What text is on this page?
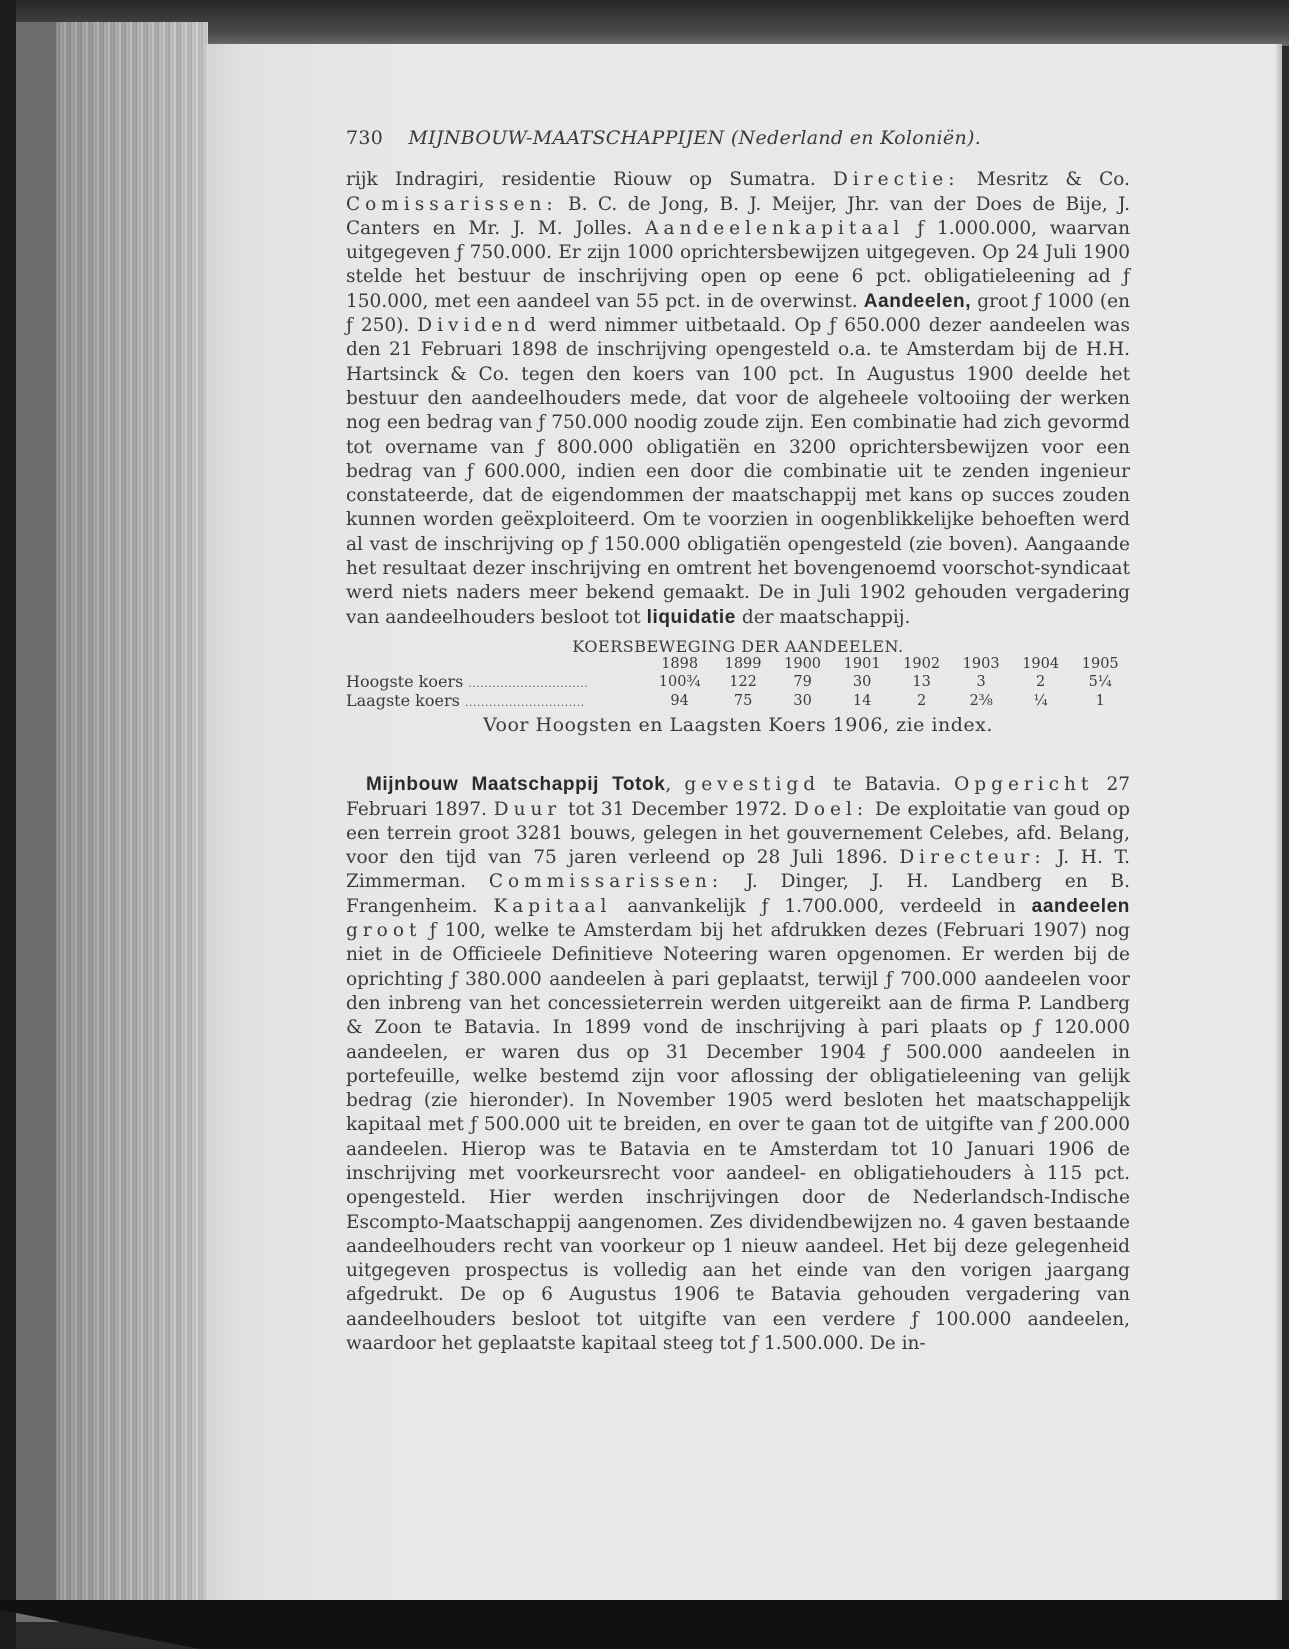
730 MIJNBOUW-MAATSCHAPPIJEN (Nederland en Koloniën).

rijk Indragiri, residentie Riouw op Sumatra. Directie: Mesritz & Co. Comissarissen: B. C. de Jong, B. J. Meijer, Jhr. van der Does de Bije, J. Canters en Mr. J. M. Jolles. Aandeelenkapitaal ƒ 1.000.000, waarvan uitgegeven ƒ 750.000. Er zijn 1000 oprichtersbewijzen uitgegeven. Op 24 Juli 1900 stelde het bestuur de inschrijving open op eene 6 pct. obligatieleening ad ƒ 150.000, met een aandeel van 55 pct. in de overwinst. Aandeelen, groot ƒ 1000 (en ƒ 250). Dividend werd nimmer uitbetaald. Op ƒ 650.000 dezer aandeelen was den 21 Februari 1898 de inschrijving opengesteld o.a. te Amsterdam bij de H.H. Hartsinck & Co. tegen den koers van 100 pct. In Augustus 1900 deelde het bestuur den aandeelhouders mede, dat voor de algeheele voltooiing der werken nog een bedrag van ƒ 750.000 noodig zoude zijn. Een combinatie had zich gevormd tot overname van ƒ 800.000 obligatiën en 3200 oprichtersbewijzen voor een bedrag van ƒ 600.000, indien een door die combinatie uit te zenden ingenieur constateerde, dat de eigendommen der maatschappij met kans op succes zouden kunnen worden geëxploiteerd. Om te voorzien in oogenblikkelijke behoeften werd al vast de inschrijving op ƒ 150.000 obligatiën opengesteld (zie boven). Aangaande het resultaat dezer inschrijving en omtrent het bovengenoemd voorschot-syndicaat werd niets naders meer bekend gemaakt. De in Juli 1902 gehouden vergadering van aandeelhouders besloot tot liquidatie der maatschappij.

KOERSBEWEGING DER AANDEELEN.
	1898	1899	1900	1901	1902	1903	1904	1905
Hoogste koers ..............................	100¾	122	79	30	13	3	2	5¼
Laagste koers ..............................	94	75	30	14	2	2⅜	¼	1
Voor Hoogsten en Laagsten Koers 1906, zie index.

Mijnbouw Maatschappij Totok, gevestigd te Batavia. Opgericht 27 Februari 1897. Duur tot 31 December 1972. Doel: De exploitatie van goud op een terrein groot 3281 bouws, gelegen in het gouvernement Celebes, afd. Belang, voor den tijd van 75 jaren verleend op 28 Juli 1896. Directeur: J. H. T. Zimmerman. Commissarissen: J. Dinger, J. H. Landberg en B. Frangenheim. Kapitaal aanvankelijk ƒ 1.700.000, verdeeld in aandeelen groot ƒ 100, welke te Amsterdam bij het afdrukken dezes (Februari 1907) nog niet in de Officieele Definitieve Noteering waren opgenomen. Er werden bij de oprichting ƒ 380.000 aandeelen à pari geplaatst, terwijl ƒ 700.000 aandeelen voor den inbreng van het concessieterrein werden uitgereikt aan de firma P. Landberg & Zoon te Batavia. In 1899 vond de inschrijving à pari plaats op ƒ 120.000 aandeelen, er waren dus op 31 December 1904 ƒ 500.000 aandeelen in portefeuille, welke bestemd zijn voor aflossing der obligatieleening van gelijk bedrag (zie hieronder). In November 1905 werd besloten het maatschappelijk kapitaal met ƒ 500.000 uit te breiden, en over te gaan tot de uitgifte van ƒ 200.000 aandeelen. Hierop was te Batavia en te Amsterdam tot 10 Januari 1906 de inschrijving met voorkeursrecht voor aandeel- en obligatiehouders à 115 pct. opengesteld. Hier werden inschrijvingen door de Nederlandsch-Indische Escompto-Maatschappij aangenomen. Zes dividendbewijzen no. 4 gaven bestaande aandeelhouders recht van voorkeur op 1 nieuw aandeel. Het bij deze gelegenheid uitgegeven prospectus is volledig aan het einde van den vorigen jaargang afgedrukt. De op 6 Augustus 1906 te Batavia gehouden vergadering van aandeelhouders besloot tot uitgifte van een verdere ƒ 100.000 aandeelen, waardoor het geplaatste kapitaal steeg tot ƒ 1.500.000. De in-
